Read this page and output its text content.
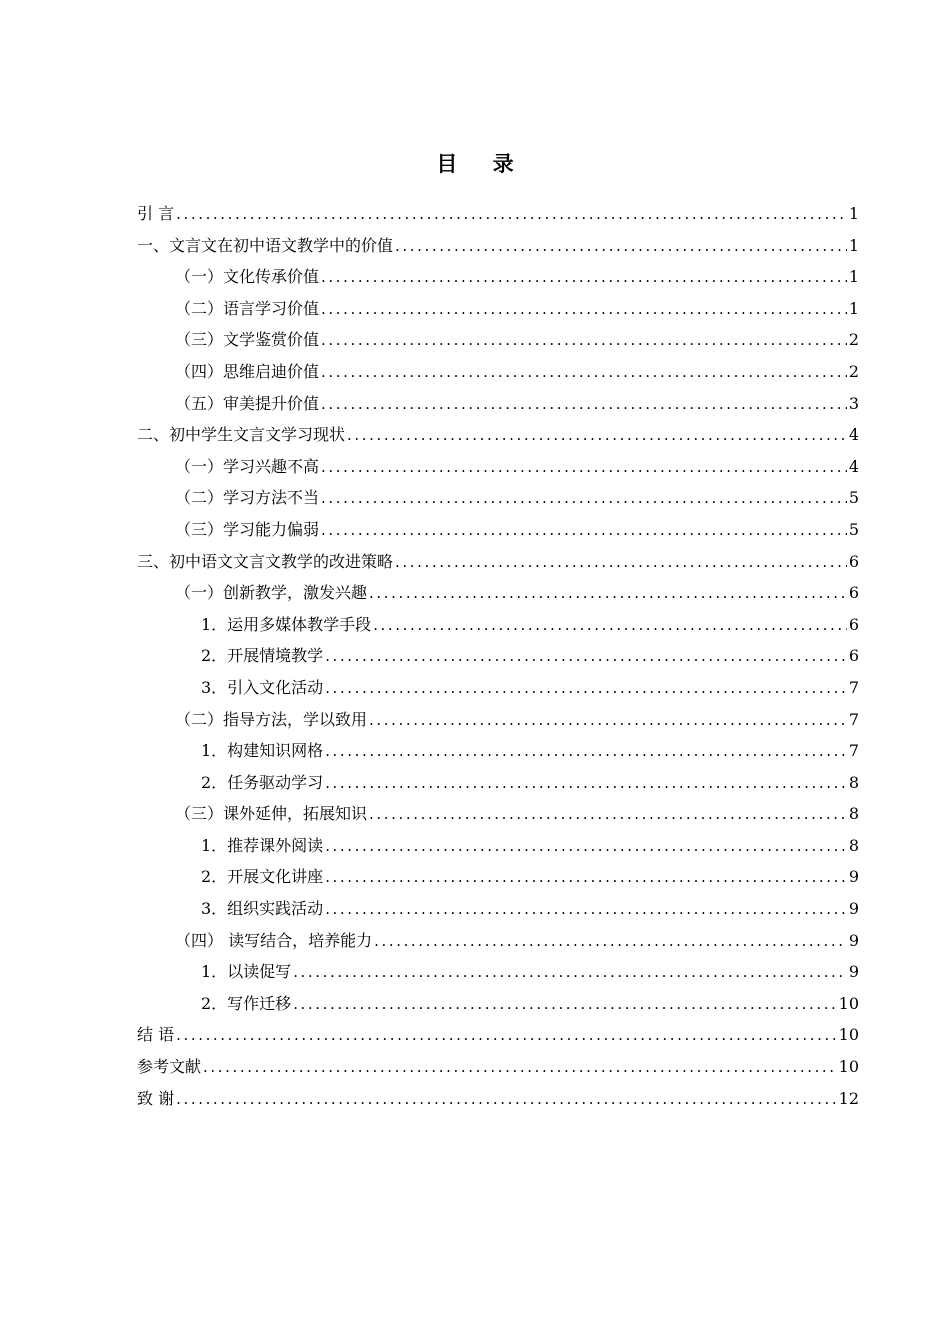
目 录
引 言 .....	1
一、文言文在初中语文教学中的价值 .....	1
（一）文化传承价值 .....	1
（二）语言学习价值 .....	1
（三）文学鉴赏价值 .....	2
（四）思维启迪价值 .....	2
（五）审美提升价值 .....	3
二、初中学生文言文学习现状 .....	4
（一）学习兴趣不高 .....	4
（二）学习方法不当 .....	5
（三）学习能力偏弱 .....	5
三、初中语文文言文教学的改进策略 .....	6
（一）创新教学，激发兴趣 .....	6
1．运用多媒体教学手段 .....	6
2．开展情境教学 .....	6
3．引入文化活动 .....	7
（二）指导方法，学以致用 .....	7
1．构建知识网格 .....	7
2．任务驱动学习 .....	8
（三）课外延伸，拓展知识 .....	8
1．推荐课外阅读 .....	8
2．开展文化讲座 .....	9
3．组织实践活动 .....	9
（四） 读写结合，培养能力 .....	9
1．以读促写 .....	9
2．写作迁移 .....	10
结 语 .....	10
参考文献 .....	10
致 谢 .....	12
